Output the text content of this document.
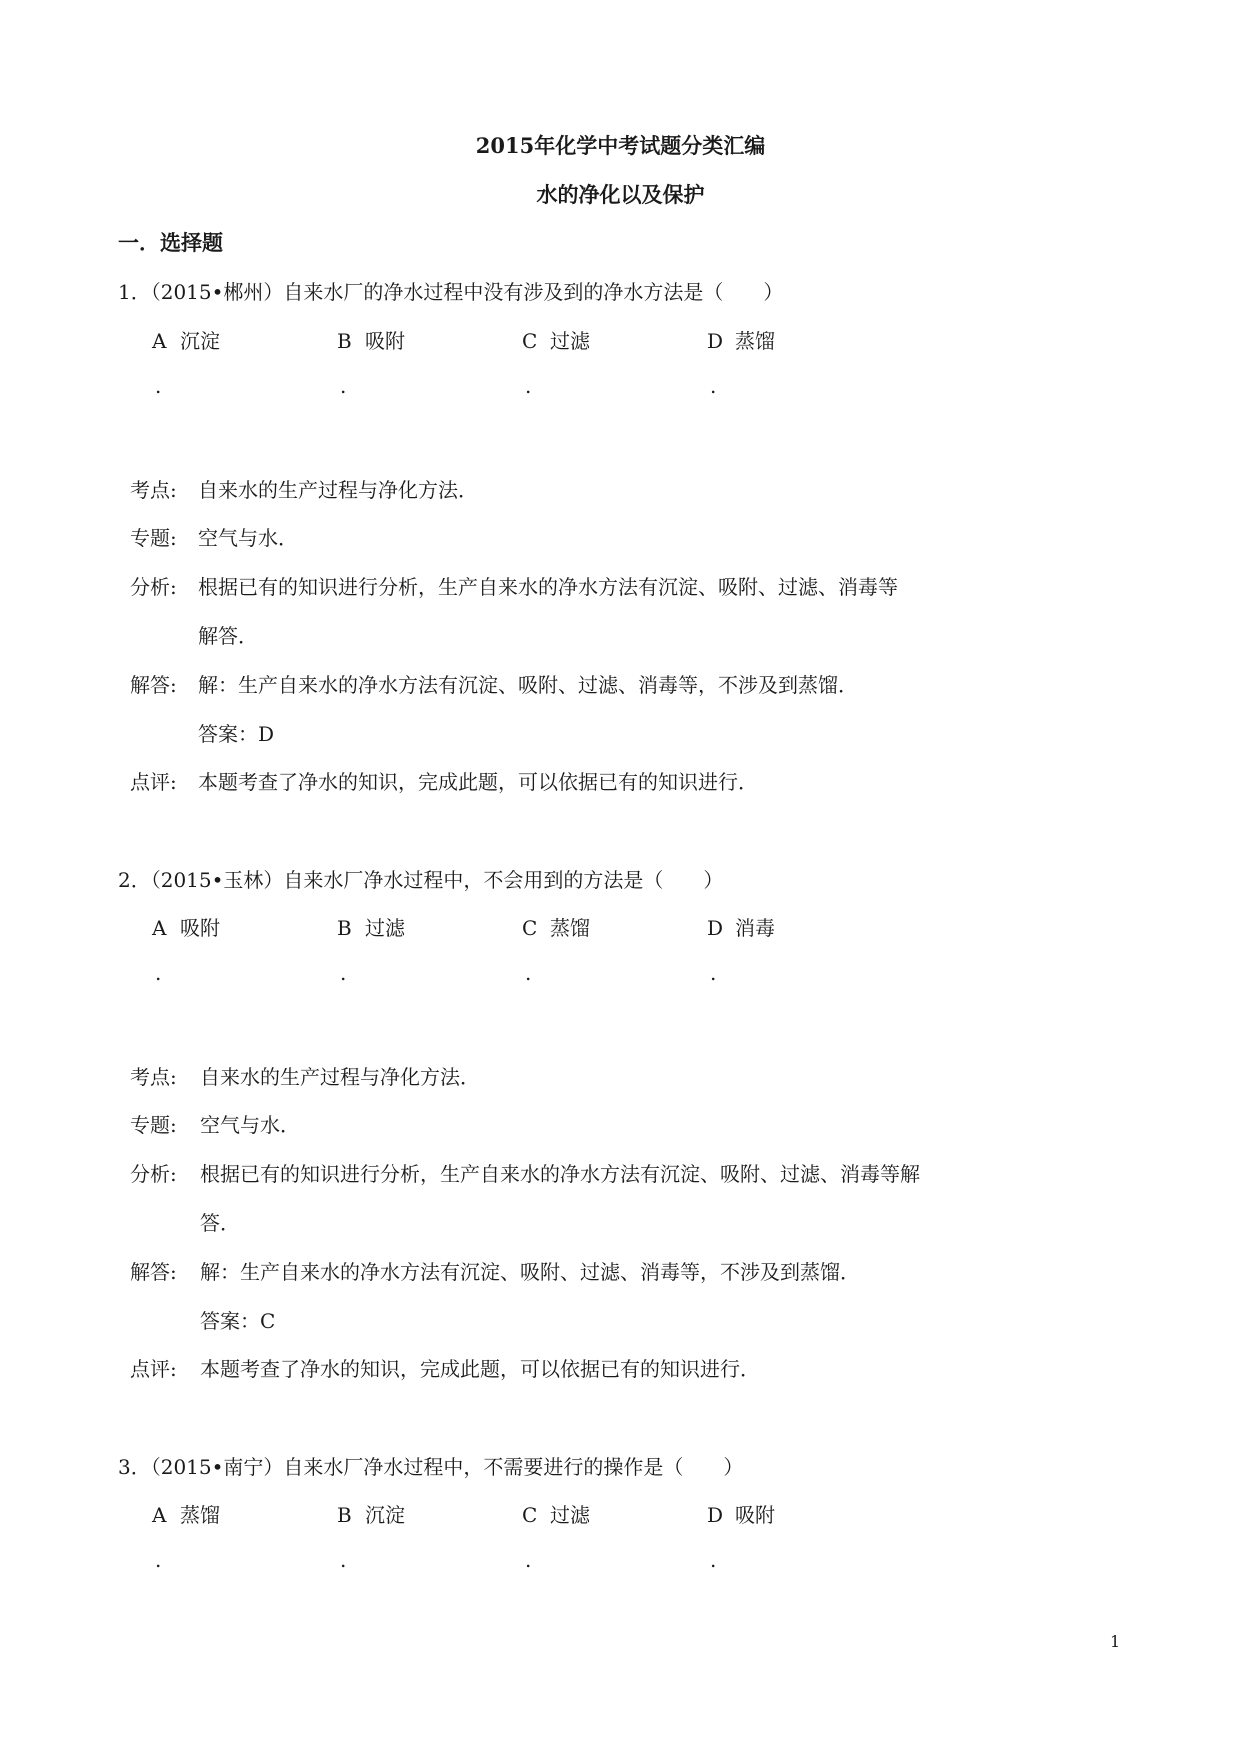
2015年化学中考试题分类汇编
水的净化以及保护
一．选择题
1．（2015•郴州）自来水厂的净水过程中没有涉及到的净水方法是（　　）
A 沉淀	B 吸附	C 过滤	D 蒸馏
.	.	.	.
考点: 自来水的生产过程与净化方法．
专题: 空气与水．
分析: 根据已有的知识进行分析，生产自来水的净水方法有沉淀、吸附、过滤、消毒等
解答．
解答: 解：生产自来水的净水方法有沉淀、吸附、过滤、消毒等，不涉及到蒸馏．
答案：D
点评: 本题考查了净水的知识，完成此题，可以依据已有的知识进行．
2．（2015•玉林）自来水厂净水过程中，不会用到的方法是（　　）
A 吸附	B 过滤	C 蒸馏	D 消毒
.	.	.	.
考点: 自来水的生产过程与净化方法．
专题: 空气与水．
分析: 根据已有的知识进行分析，生产自来水的净水方法有沉淀、吸附、过滤、消毒等解
答．
解答: 解：生产自来水的净水方法有沉淀、吸附、过滤、消毒等，不涉及到蒸馏．
答案：C
点评: 本题考查了净水的知识，完成此题，可以依据已有的知识进行．
3．（2015•南宁）自来水厂净水过程中，不需要进行的操作是（　　）
A 蒸馏	B 沉淀	C 过滤	D 吸附
.	.	.	.
1
